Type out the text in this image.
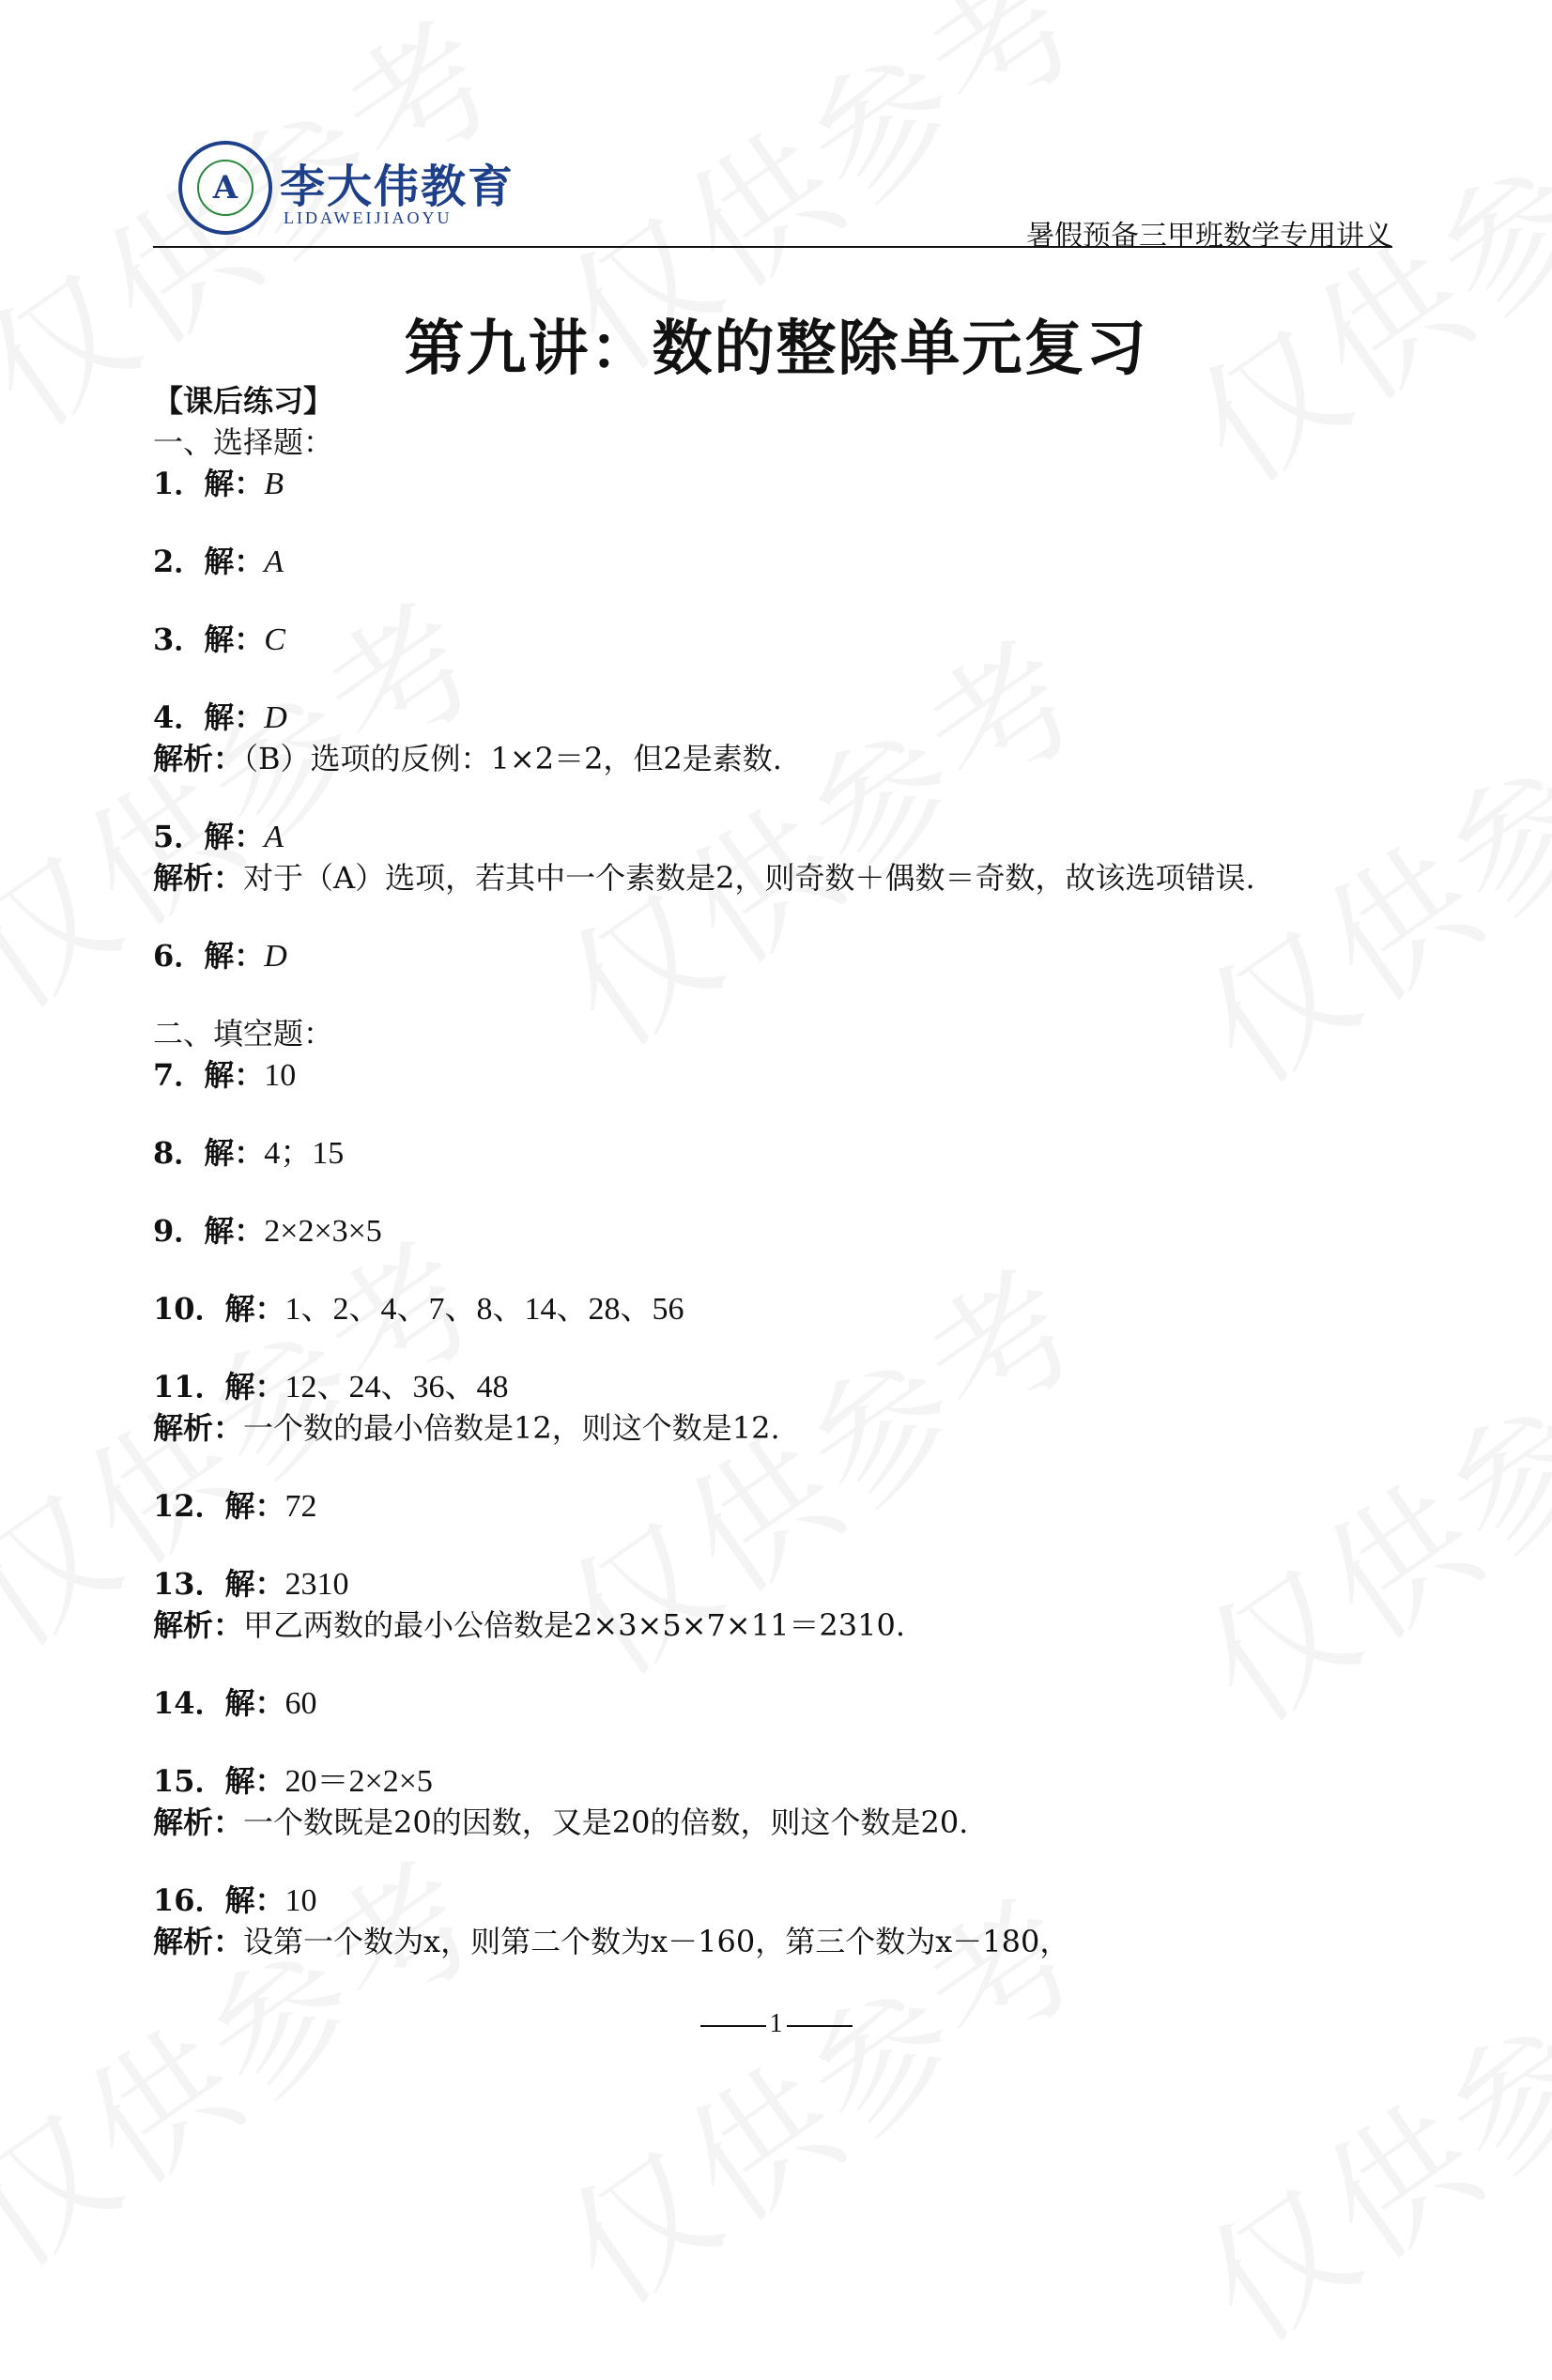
A 李大伟教育
LIDAWEIJIAOYU
暑假预备三甲班数学专用讲义
第九讲：数的整除单元复习
【课后练习】
一、选择题：
1．解：B
2．解：A
3．解：C
4．解：D
解析：（B）选项的反例：1×2＝2，但2是素数.
5．解：A
解析：对于（A）选项，若其中一个素数是2，则奇数＋偶数＝奇数，故该选项错误.
6．解：D
二、填空题：
7．解：10
8．解：4；15
9．解：2×2×3×5
10．解：1、2、4、7、8、14、28、56
11．解：12、24、36、48
解析：一个数的最小倍数是12，则这个数是12.
12．解：72
13．解：2310
解析：甲乙两数的最小公倍数是2×3×5×7×11＝2310.
14．解：60
15．解：20＝2×2×5
解析：一个数既是20的因数，又是20的倍数，则这个数是20.
16．解：10
解析：设第一个数为x，则第二个数为x－160，第三个数为x－180，
1
